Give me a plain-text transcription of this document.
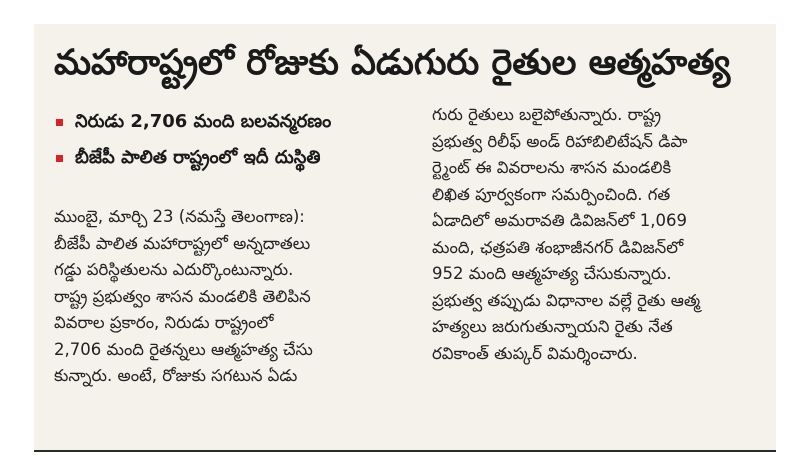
మహారాష్ట్రలో రోజుకు ఏడుగురు రైతుల ఆత్మహత్య
నిరుడు 2,706 మంది బలవన్మరణం
బీజేపీ పాలిత రాష్ట్రంలో ఇదీ దుస్థితి
ముంబై, మార్చి 23 (నమస్తే తెలంగాణ):
బీజేపీ పాలిత మహారాష్ట్రలో అన్నదాతలు
గడ్డు పరిస్థితులను ఎదుర్కొంటున్నారు.
రాష్ట్ర ప్రభుత్వం శాసన మండలికి తెలిపిన
వివరాల ప్రకారం, నిరుడు రాష్ట్రంలో
2,706 మంది రైతన్నలు ఆత్మహత్య చేసు
కున్నారు. అంటే, రోజుకు సగటున ఏడు
గురు రైతులు బలైపోతున్నారు. రాష్ట్ర
ప్రభుత్వ రిలీఫ్ అండ్ రిహాబిలిటేషన్ డిపా
ర్ట్మెంట్ ఈ వివరాలను శాసన మండలికి
లిఖిత పూర్వకంగా సమర్పించింది. గత
ఏడాదిలో అమరావతి డివిజన్‌లో 1,069
మంది, ఛత్రపతి శంభాజీనగర్ డివిజన్‌లో
952 మంది ఆత్మహత్య చేసుకున్నారు.
ప్రభుత్వ తప్పుడు విధానాల వల్లే రైతు ఆత్మ
హత్యలు జరుగుతున్నాయని రైతు నేత
రవికాంత్ తుప్కర్ విమర్శించారు.
